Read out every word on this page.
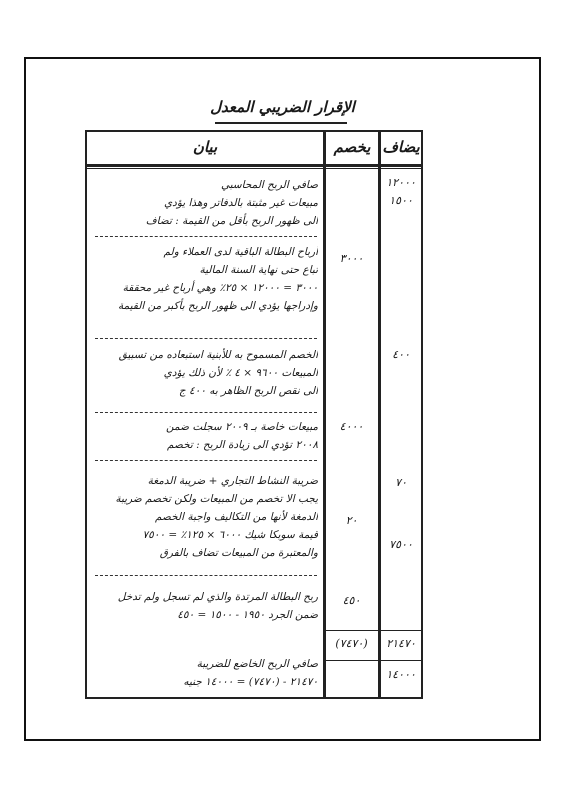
الإقرار الضريبي المعدل
بيان	يخصم يضاف
صافي الربح المحاسبي
مبيعات غير مثبتة بالدفاتر وهذا يؤدي
الى ظهور الربح بأقل من القيمة : تضاف
١٢٠٠٠
١٥٠٠
أرباح البطالة الباقية لدى العملاء ولم
تباع حتى نهاية السنة المالية
٣٠٠٠ = ١٢٠٠٠ × ٢٥٪ وهي أرباح غير محققة
وإدراجها يؤدي الى ظهور الربح بأكبر من القيمة
٣٠٠٠
الخصم المسموح به للأبنية استبعاده من تسبيق
المبيعات ٩٦٠٠ × ٤ ٪ لأن ذلك يؤدي
الى نقص الربح الظاهر به ٤٠٠ ج
٤٠٠
مبيعات خاصة بـ ٢٠٠٩ سجلت ضمن
٢٠٠٨ تؤدي الى زيادة الربح : تخصم
٤٠٠٠
ضريبة النشاط التجاري + ضريبة الدمغة
يجب الا تخصم من المبيعات ولكن تخصم ضريبة
الدمغة لأنها من التكاليف واجبة الخصم
قيمة سوبكا شيك ٦٠٠٠ × ١٢٥٪ = ٧٥٠٠
والمعتبرة من المبيعات تضاف بالفرق
٧٠
٢٠
٧٥٠٠
ربح البطالة المرتدة والذي لم تسجل ولم تدخل
ضمن الجرد ١٩٥٠ - ١٥٠٠ = ٤٥٠
٤٥٠
(٧٤٧٠)	٢١٤٧٠
صافي الربح الخاضع للضريبة
٢١٤٧٠ - (٧٤٧٠) = ١٤٠٠٠ جنيه
١٤٠٠٠
